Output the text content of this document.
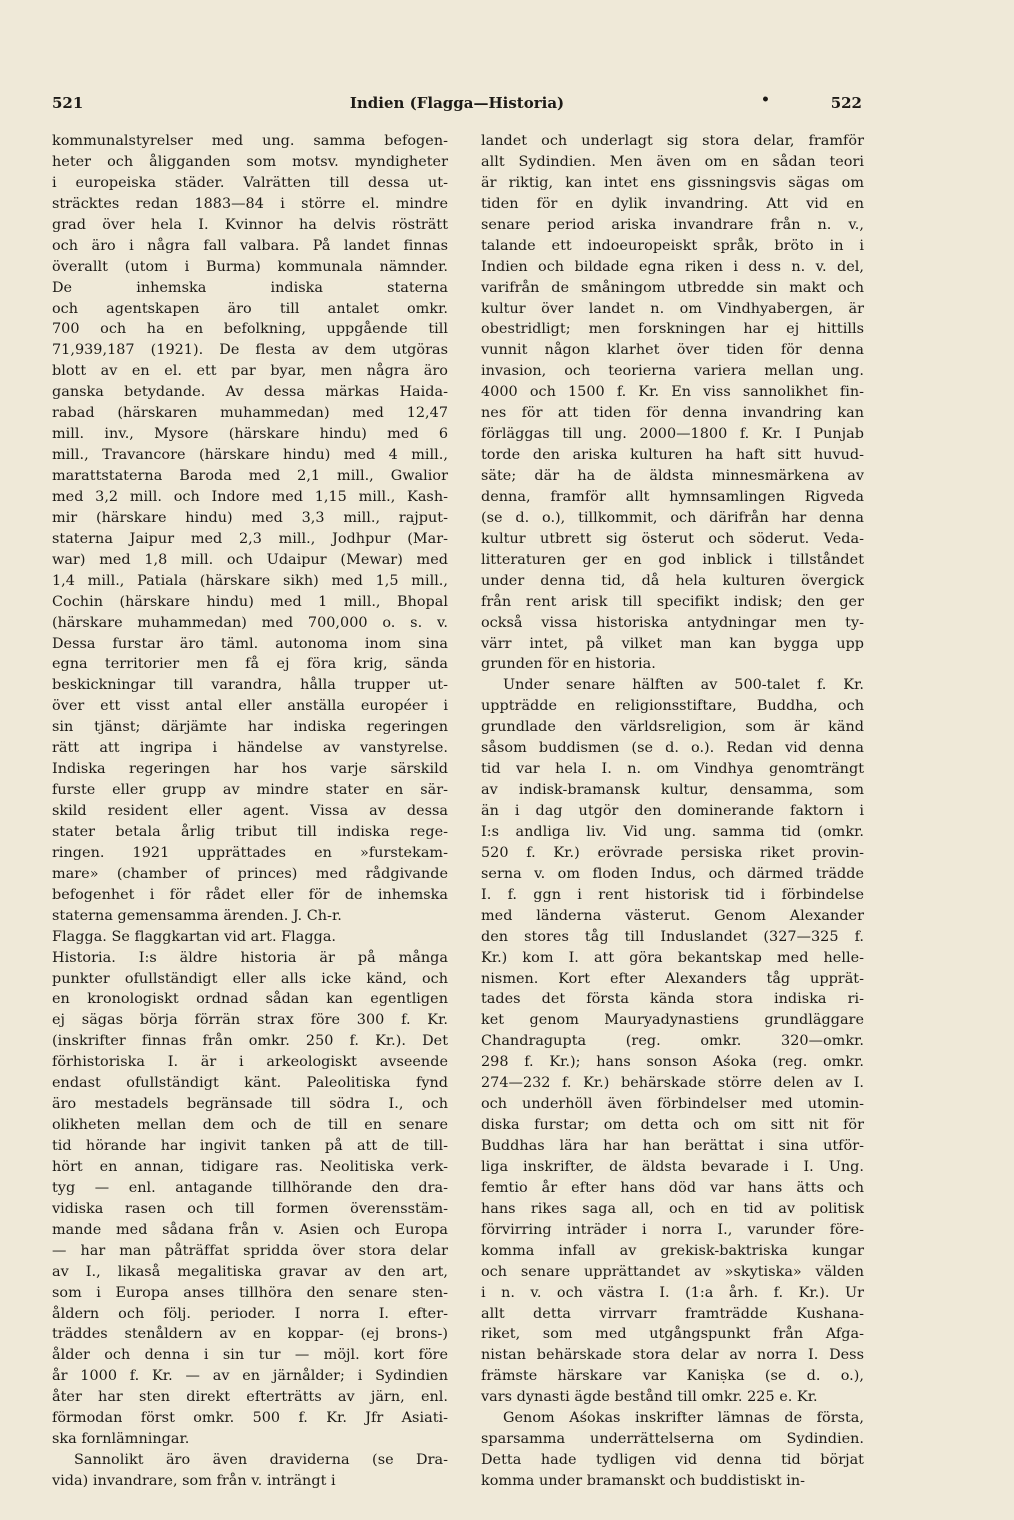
521	Indien (Flagga—Historia)	•	522
kommunalstyrelser med ung. samma befogen-
heter och åligganden som motsv. myndigheter
i europeiska städer. Valrätten till dessa ut-
sträcktes redan 1883—84 i större el. mindre
grad över hela I. Kvinnor ha delvis rösträtt
och äro i några fall valbara. På landet finnas
överallt (utom i Burma) kommunala nämnder.
De inhemska indiska staterna
och agentskapen äro till antalet omkr.
700 och ha en befolkning, uppgående till
71,939,187 (1921). De flesta av dem utgöras
blott av en el. ett par byar, men några äro
ganska betydande. Av dessa märkas Haida-
rabad (härskaren muhammedan) med 12,47
mill. inv., Mysore (härskare hindu) med 6
mill., Travancore (härskare hindu) med 4 mill.,
marattstaterna Baroda med 2,1 mill., Gwalior
med 3,2 mill. och Indore med 1,15 mill., Kash-
mir (härskare hindu) med 3,3 mill., rajput-
staterna Jaipur med 2,3 mill., Jodhpur (Mar-
war) med 1,8 mill. och Udaipur (Mewar) med
1,4 mill., Patiala (härskare sikh) med 1,5 mill.,
Cochin (härskare hindu) med 1 mill., Bhopal
(härskare muhammedan) med 700,000 o. s. v.
Dessa furstar äro täml. autonoma inom sina
egna territorier men få ej föra krig, sända
beskickningar till varandra, hålla trupper ut-
över ett visst antal eller anställa européer i
sin tjänst; därjämte har indiska regeringen
rätt att ingripa i händelse av vanstyrelse.
Indiska regeringen har hos varje särskild
furste eller grupp av mindre stater en sär-
skild resident eller agent. Vissa av dessa
stater betala årlig tribut till indiska rege-
ringen. 1921 upprättades en »furstekam-
mare» (chamber of princes) med rådgivande
befogenhet i för rådet eller för de inhemska
staterna gemensamma ärenden. J. Ch-r.
Flagga. Se flaggkartan vid art. Flagga.
Historia. I:s äldre historia är på många
punkter ofullständigt eller alls icke känd, och
en kronologiskt ordnad sådan kan egentligen
ej sägas börja förrän strax före 300 f. Kr.
(inskrifter finnas från omkr. 250 f. Kr.). Det
förhistoriska I. är i arkeologiskt avseende
endast ofullständigt känt. Paleolitiska fynd
äro mestadels begränsade till södra I., och
olikheten mellan dem och de till en senare
tid hörande har ingivit tanken på att de till-
hört en annan, tidigare ras. Neolitiska verk-
tyg — enl. antagande tillhörande den dra-
vidiska rasen och till formen överensstäm-
mande med sådana från v. Asien och Europa
— har man påträffat spridda över stora delar
av I., likaså megalitiska gravar av den art,
som i Europa anses tillhöra den senare sten-
åldern och följ. perioder. I norra I. efter-
träddes stenåldern av en koppar- (ej brons-)
ålder och denna i sin tur — möjl. kort före
år 1000 f. Kr. — av en järnålder; i Sydindien
åter har sten direkt efterträtts av järn, enl.
förmodan först omkr. 500 f. Kr. Jfr Asiati-
ska fornlämningar.
Sannolikt äro även draviderna (se Dra-
vida) invandrare, som från v. inträngt i
landet och underlagt sig stora delar, framför
allt Sydindien. Men även om en sådan teori
är riktig, kan intet ens gissningsvis sägas om
tiden för en dylik invandring. Att vid en
senare period ariska invandrare från n. v.,
talande ett indoeuropeiskt språk, bröto in i
Indien och bildade egna riken i dess n. v. del,
varifrån de småningom utbredde sin makt och
kultur över landet n. om Vindhyabergen, är
obestridligt; men forskningen har ej hittills
vunnit någon klarhet över tiden för denna
invasion, och teorierna variera mellan ung.
4000 och 1500 f. Kr. En viss sannolikhet fin-
nes för att tiden för denna invandring kan
förläggas till ung. 2000—1800 f. Kr. I Punjab
torde den ariska kulturen ha haft sitt huvud-
säte; där ha de äldsta minnesmärkena av
denna, framför allt hymnsamlingen Rigveda
(se d. o.), tillkommit, och därifrån har denna
kultur utbrett sig österut och söderut. Veda-
litteraturen ger en god inblick i tillståndet
under denna tid, då hela kulturen övergick
från rent arisk till specifikt indisk; den ger
också vissa historiska antydningar men ty-
värr intet, på vilket man kan bygga upp
grunden för en historia.
Under senare hälften av 500-talet f. Kr.
uppträdde en religionsstiftare, Buddha, och
grundlade den världsreligion, som är känd
såsom buddismen (se d. o.). Redan vid denna
tid var hela I. n. om Vindhya genomträngt
av indisk-bramansk kultur, densamma, som
än i dag utgör den dominerande faktorn i
I:s andliga liv. Vid ung. samma tid (omkr.
520 f. Kr.) erövrade persiska riket provin-
serna v. om floden Indus, och därmed trädde
I. f. ggn i rent historisk tid i förbindelse
med länderna västerut. Genom Alexander
den stores tåg till Induslandet (327—325 f.
Kr.) kom I. att göra bekantskap med helle-
nismen. Kort efter Alexanders tåg upprät-
tades det första kända stora indiska ri-
ket genom Mauryadynastiens grundläggare
Chandragupta (reg. omkr. 320—omkr.
298 f. Kr.); hans sonson Aśoka (reg. omkr.
274—232 f. Kr.) behärskade större delen av I.
och underhöll även förbindelser med utomin-
diska furstar; om detta och om sitt nit för
Buddhas lära har han berättat i sina utför-
liga inskrifter, de äldsta bevarade i I. Ung.
femtio år efter hans död var hans ätts och
hans rikes saga all, och en tid av politisk
förvirring inträder i norra I., varunder före-
komma infall av grekisk-baktriska kungar
och senare upprättandet av »skytiska» välden
i n. v. och västra I. (1:a årh. f. Kr.). Ur
allt detta virrvarr framträdde Kushana-
riket, som med utgångspunkt från Afga-
nistan behärskade stora delar av norra I. Dess
främste härskare var Kaniṣka (se d. o.),
vars dynasti ägde bestånd till omkr. 225 e. Kr.
Genom Aśokas inskrifter lämnas de första,
sparsamma underrättelserna om Sydindien.
Detta hade tydligen vid denna tid börjat
komma under bramanskt och buddistiskt in-
